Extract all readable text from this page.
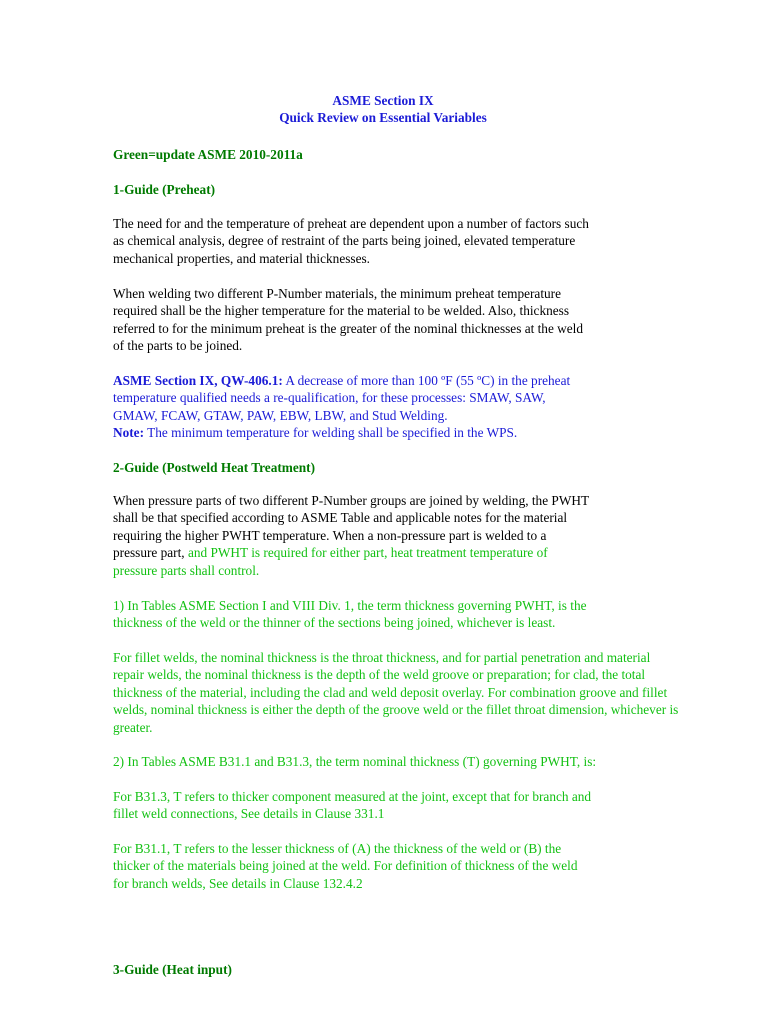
ASME Section IX

Quick Review on Essential Variables

Green=update ASME 2010-2011a

1-Guide (Preheat)

The need for and the temperature of preheat are dependent upon a number of factors such
as chemical analysis, degree of restraint of the parts being joined, elevated temperature
mechanical properties, and material thicknesses.
When welding two different P-Number materials, the minimum preheat temperature
required shall be the higher temperature for the material to be welded. Also, thickness
referred to for the minimum preheat is the greater of the nominal thicknesses at the weld
of the parts to be joined.
ASME Section IX, QW-406.1: A decrease of more than 100 ºF (55 ºC) in the preheat
temperature qualified needs a re-qualification, for these processes: SMAW, SAW,
GMAW, FCAW, GTAW, PAW, EBW, LBW, and Stud Welding.
Note: The minimum temperature for welding shall be specified in the WPS.

2-Guide (Postweld Heat Treatment)

When pressure parts of two different P-Number groups are joined by welding, the PWHT
shall be that specified according to ASME Table and applicable notes for the material
requiring the higher PWHT temperature. When a non-pressure part is welded to a
pressure part, and PWHT is required for either part, heat treatment temperature of
pressure parts shall control.
1) In Tables ASME Section I and VIII Div. 1, the term thickness governing PWHT, is the
thickness of the weld or the thinner of the sections being joined, whichever is least.
For fillet welds, the nominal thickness is the throat thickness, and for partial penetration and material
repair welds, the nominal thickness is the depth of the weld groove or preparation; for clad, the total
thickness of the material, including the clad and weld deposit overlay. For combination groove and fillet
welds, nominal thickness is either the depth of the groove weld or the fillet throat dimension, whichever is
greater.

2) In Tables ASME B31.1 and B31.3, the term nominal thickness (T) governing PWHT, is:

For B31.3, T refers to thicker component measured at the joint, except that for branch and
fillet weld connections, See details in Clause 331.1
For B31.1, T refers to the lesser thickness of (A) the thickness of the weld or (B) the
thicker of the materials being joined at the weld. For definition of thickness of the weld
for branch welds, See details in Clause 132.4.2

3-Guide (Heat input)
